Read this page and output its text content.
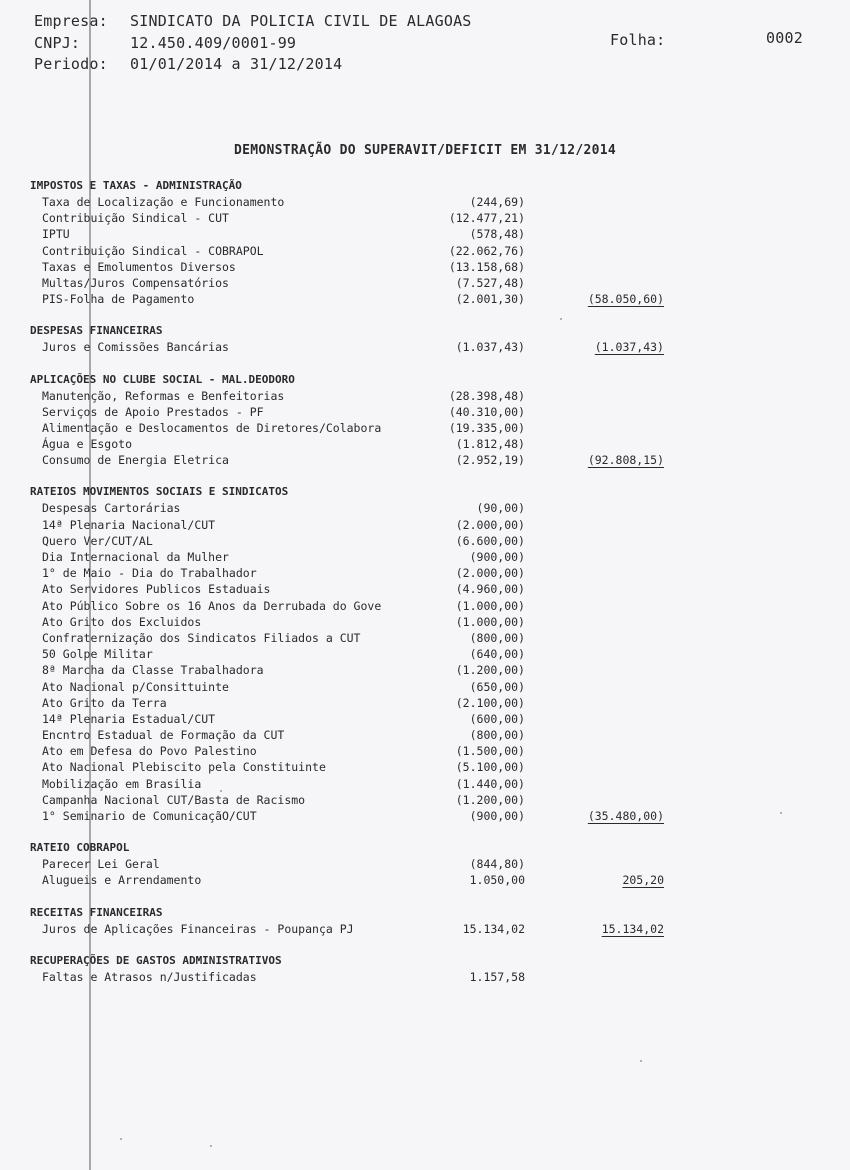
Empresa: SINDICATO DA POLICIA CIVIL DE ALAGOAS
CNPJ:	12.450.409/0001-99
Periodo: 01/01/2014 a 31/12/2014
Folha:	0002
DEMONSTRAÇÃO DO SUPERAVIT/DEFICIT EM 31/12/2014
IMPOSTOS E TAXAS - ADMINISTRAÇÃO
Taxa de Localização e Funcionamento	(244,69)
Contribuição Sindical - CUT	(12.477,21)
IPTU	(578,48)
Contribuição Sindical - COBRAPOL	(22.062,76)
Taxas e Emolumentos Diversos	(13.158,68)
Multas/Juros Compensatórios	(7.527,48)
PIS-Folha de Pagamento	(2.001,30)	(58.050,60)
DESPESAS FINANCEIRAS
Juros e Comissões Bancárias	(1.037,43)	(1.037,43)
APLICAÇÕES NO CLUBE SOCIAL - MAL.DEODORO
Manutenção, Reformas e Benfeitorias	(28.398,48)
Serviços de Apoio Prestados - PF	(40.310,00)
Alimentação e Deslocamentos de Diretores/Colabora	(19.335,00)
Água e Esgoto	(1.812,48)
Consumo de Energia Eletrica	(2.952,19)	(92.808,15)
RATEIOS MOVIMENTOS SOCIAIS E SINDICATOS
Despesas Cartorárias	(90,00)
14ª Plenaria Nacional/CUT	(2.000,00)
Quero Ver/CUT/AL	(6.600,00)
Dia Internacional da Mulher	(900,00)
1° de Maio - Dia do Trabalhador	(2.000,00)
Ato Servidores Publicos Estaduais	(4.960,00)
Ato Público Sobre os 16 Anos da Derrubada do Gove	(1.000,00)
Ato Grito dos Excluidos	(1.000,00)
Confraternização dos Sindicatos Filiados a CUT	(800,00)
50 Golpe Militar	(640,00)
8ª Marcha da Classe Trabalhadora	(1.200,00)
Ato Nacional p/Consittuinte	(650,00)
Ato Grito da Terra	(2.100,00)
14ª Plenaria Estadual/CUT	(600,00)
Encntro Estadual de Formação da CUT	(800,00)
Ato em Defesa do Povo Palestino	(1.500,00)
Ato Nacional Plebiscito pela Constituinte	(5.100,00)
Mobilização em Brasilia	(1.440,00)
Campanha Nacional CUT/Basta de Racismo	(1.200,00)
1° Seminario de ComunicaçãO/CUT	(900,00)	(35.480,00)
RATEIO COBRAPOL
Parecer Lei Geral	(844,80)
Alugueis e Arrendamento	1.050,00	205,20
RECEITAS FINANCEIRAS
Juros de Aplicações Financeiras - Poupança PJ	15.134,02	15.134,02
RECUPERAÇÕES DE GASTOS ADMINISTRATIVOS
Faltas e Atrasos n/Justificadas	1.157,58
